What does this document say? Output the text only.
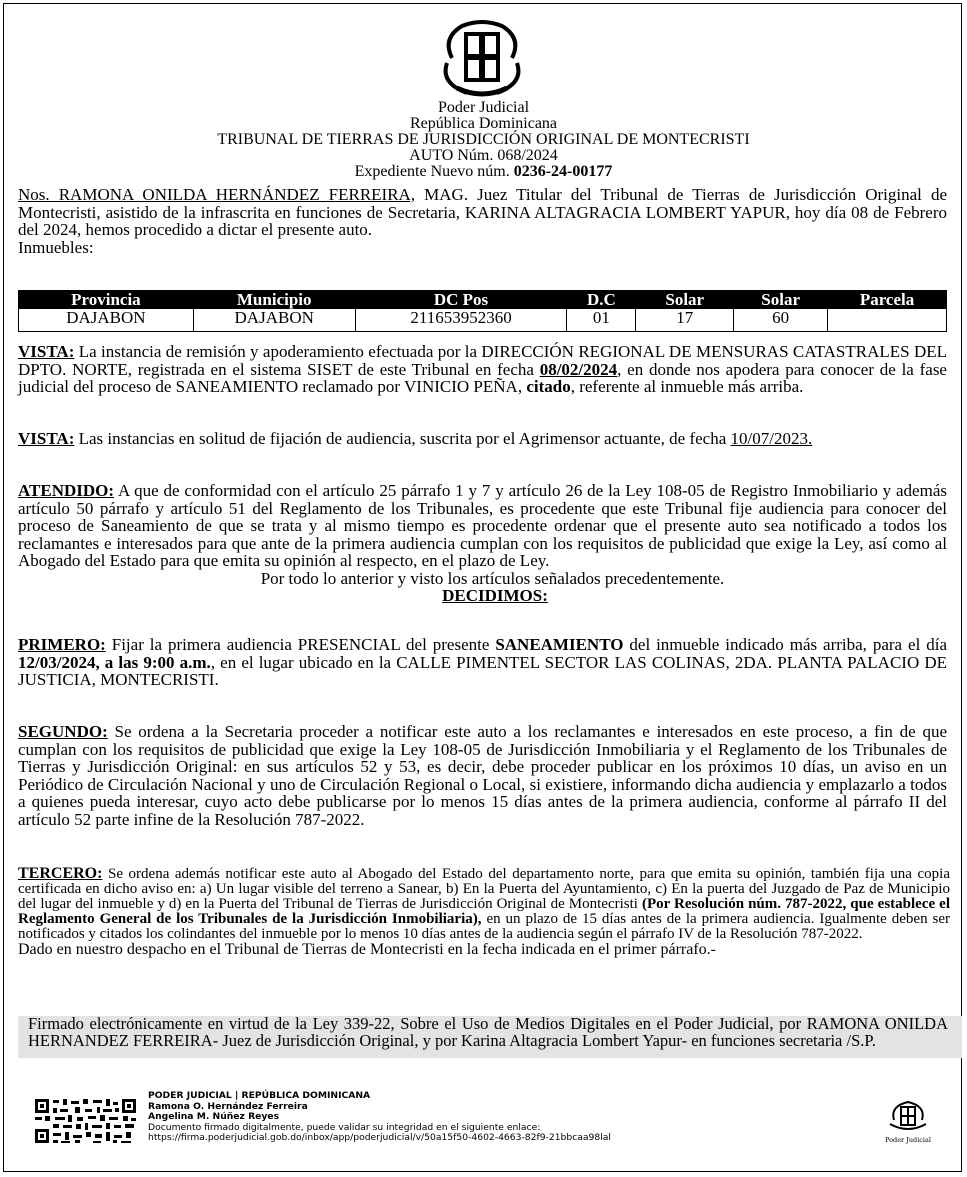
Poder Judicial
República Dominicana
TRIBUNAL DE TIERRAS DE JURISDICCIÓN ORIGINAL DE MONTECRISTI
AUTO Núm. 068/2024
Expediente Nuevo núm. 0236-24-00177

Nos. RAMONA ONILDA HERNÁNDEZ FERREIRA, MAG. Juez Titular del Tribunal de Tierras de Jurisdicción Original de Montecristi, asistido de la infrascrita en funciones de Secretaria, KARINA ALTAGRACIA LOMBERT YAPUR, hoy día 08 de Febrero del 2024, hemos procedido a dictar el presente auto.

Inmuebles:

Provincia	Municipio	DC Pos	D.C	Solar	Solar	Parcela
DAJABON	DAJABON	211653952360	01	17	60	

VISTA: La instancia de remisión y apoderamiento efectuada por la DIRECCIÓN REGIONAL DE MENSURAS CATASTRALES DEL DPTO. NORTE, registrada en el sistema SISET de este Tribunal en fecha 08/02/2024, en donde nos apodera para conocer de la fase judicial del proceso de SANEAMIENTO reclamado por VINICIO PEÑA, citado, referente al inmueble más arriba.

VISTA: Las instancias en solitud de fijación de audiencia, suscrita por el Agrimensor actuante, de fecha 10/07/2023.

ATENDIDO: A que de conformidad con el artículo 25 párrafo 1 y 7 y artículo 26 de la Ley 108-05 de Registro Inmobiliario y además artículo 50 párrafo y artículo 51 del Reglamento de los Tribunales, es procedente que este Tribunal fije audiencia para conocer del proceso de Saneamiento de que se trata y al mismo tiempo es procedente ordenar que el presente auto sea notificado a todos los reclamantes e interesados para que ante de la primera audiencia cumplan con los requisitos de publicidad que exige la Ley, así como al Abogado del Estado para que emita su opinión al respecto, en el plazo de Ley.

Por todo lo anterior y visto los artículos señalados precedentemente.

DECIDIMOS:

PRIMERO: Fijar la primera audiencia PRESENCIAL del presente SANEAMIENTO del inmueble indicado más arriba, para el día 12/03/2024, a las 9:00 a.m., en el lugar ubicado en la CALLE PIMENTEL SECTOR LAS COLINAS, 2DA. PLANTA PALACIO DE JUSTICIA, MONTECRISTI.

SEGUNDO: Se ordena a la Secretaria proceder a notificar este auto a los reclamantes e interesados en este proceso, a fin de que cumplan con los requisitos de publicidad que exige la Ley 108-05 de Jurisdicción Inmobiliaria y el Reglamento de los Tribunales de Tierras y Jurisdicción Original: en sus artículos 52 y 53, es decir, debe proceder publicar en los próximos 10 días, un aviso en un Periódico de Circulación Nacional y uno de Circulación Regional o Local, si existiere, informando dicha audiencia y emplazarlo a todos a quienes pueda interesar, cuyo acto debe publicarse por lo menos 15 días antes de la primera audiencia, conforme al párrafo II del artículo 52 parte infine de la Resolución 787-2022.

TERCERO: Se ordena además notificar este auto al Abogado del Estado del departamento norte, para que emita su opinión, también fija una copia certificada en dicho aviso en: a) Un lugar visible del terreno a Sanear, b) En la Puerta del Ayuntamiento, c) En la puerta del Juzgado de Paz de Municipio del lugar del inmueble y d) en la Puerta del Tribunal de Tierras de Jurisdicción Original de Montecristi (Por Resolución núm. 787-2022, que establece el Reglamento General de los Tribunales de la Jurisdicción Inmobiliaria), en un plazo de 15 días antes de la primera audiencia. Igualmente deben ser notificados y citados los colindantes del inmueble por lo menos 10 días antes de la audiencia según el párrafo IV de la Resolución 787-2022.

Dado en nuestro despacho en el Tribunal de Tierras de Montecristi en la fecha indicada en el primer párrafo.-

Firmado electrónicamente en virtud de la Ley 339-22, Sobre el Uso de Medios Digitales en el Poder Judicial, por RAMONA ONILDA HERNANDEZ FERREIRA- Juez de Jurisdicción Original, y por Karina Altagracia Lombert Yapur- en funciones secretaria /S.P.
PODER JUDICIAL | REPÚBLICA DOMINICANA
Ramona O. Hernández Ferreira
Angelina M. Núñez Reyes
Documento firmado digitalmente, puede validar su integridad en el siguiente enlace:
https://firma.poderjudicial.gob.do/inbox/app/poderjudicial/v/50a15f50-4602-4663-82f9-21bbcaa98lal	Poder Judicial
